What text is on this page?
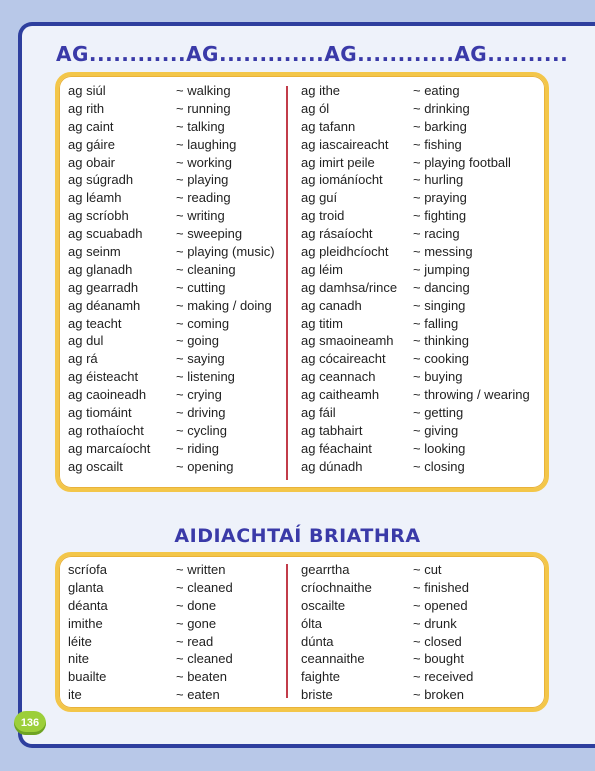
AG............AG.............AG............AG..........
ag siúl
ag rith
ag caint
ag gáire
ag obair
ag súgradh
ag léamh
ag scríobh
ag scuabadh
ag seinm
ag glanadh
ag gearradh
ag déanamh
ag teacht
ag dul
ag rá
ag éisteacht
ag caoineadh
ag tiomáint
ag rothaíocht
ag marcaíocht
ag oscailt
~ walking
~ running
~ talking
~ laughing
~ working
~ playing
~ reading
~ writing
~ sweeping
~ playing (music)
~ cleaning
~ cutting
~ making / doing
~ coming
~ going
~ saying
~ listening
~ crying
~ driving
~ cycling
~ riding
~ opening
ag ithe
ag ól
ag tafann
ag iascaireacht
ag imirt peile
ag iománíocht
ag guí
ag troid
ag rásaíocht
ag pleidhcíocht
ag léim
ag damhsa/rince
ag canadh
ag titim
ag smaoineamh
ag cócaireacht
ag ceannach
ag caitheamh
ag fáil
ag tabhairt
ag féachaint
ag dúnadh
~ eating
~ drinking
~ barking
~ fishing
~ playing football
~ hurling
~ praying
~ fighting
~ racing
~ messing
~ jumping
~ dancing
~ singing
~ falling
~ thinking
~ cooking
~ buying
~ throwing / wearing
~ getting
~ giving
~ looking
~ closing
AIDIACHTAÍ BRIATHRA
scríofa
glanta
déanta
imithe
léite
nite
buailte
ite
~ written
~ cleaned
~ done
~ gone
~ read
~ cleaned
~ beaten
~ eaten
gearrtha
críochnaithe
oscailte
ólta
dúnta
ceannaithe
faighte
briste
~ cut
~ finished
~ opened
~ drunk
~ closed
~ bought
~ received
~ broken
136
